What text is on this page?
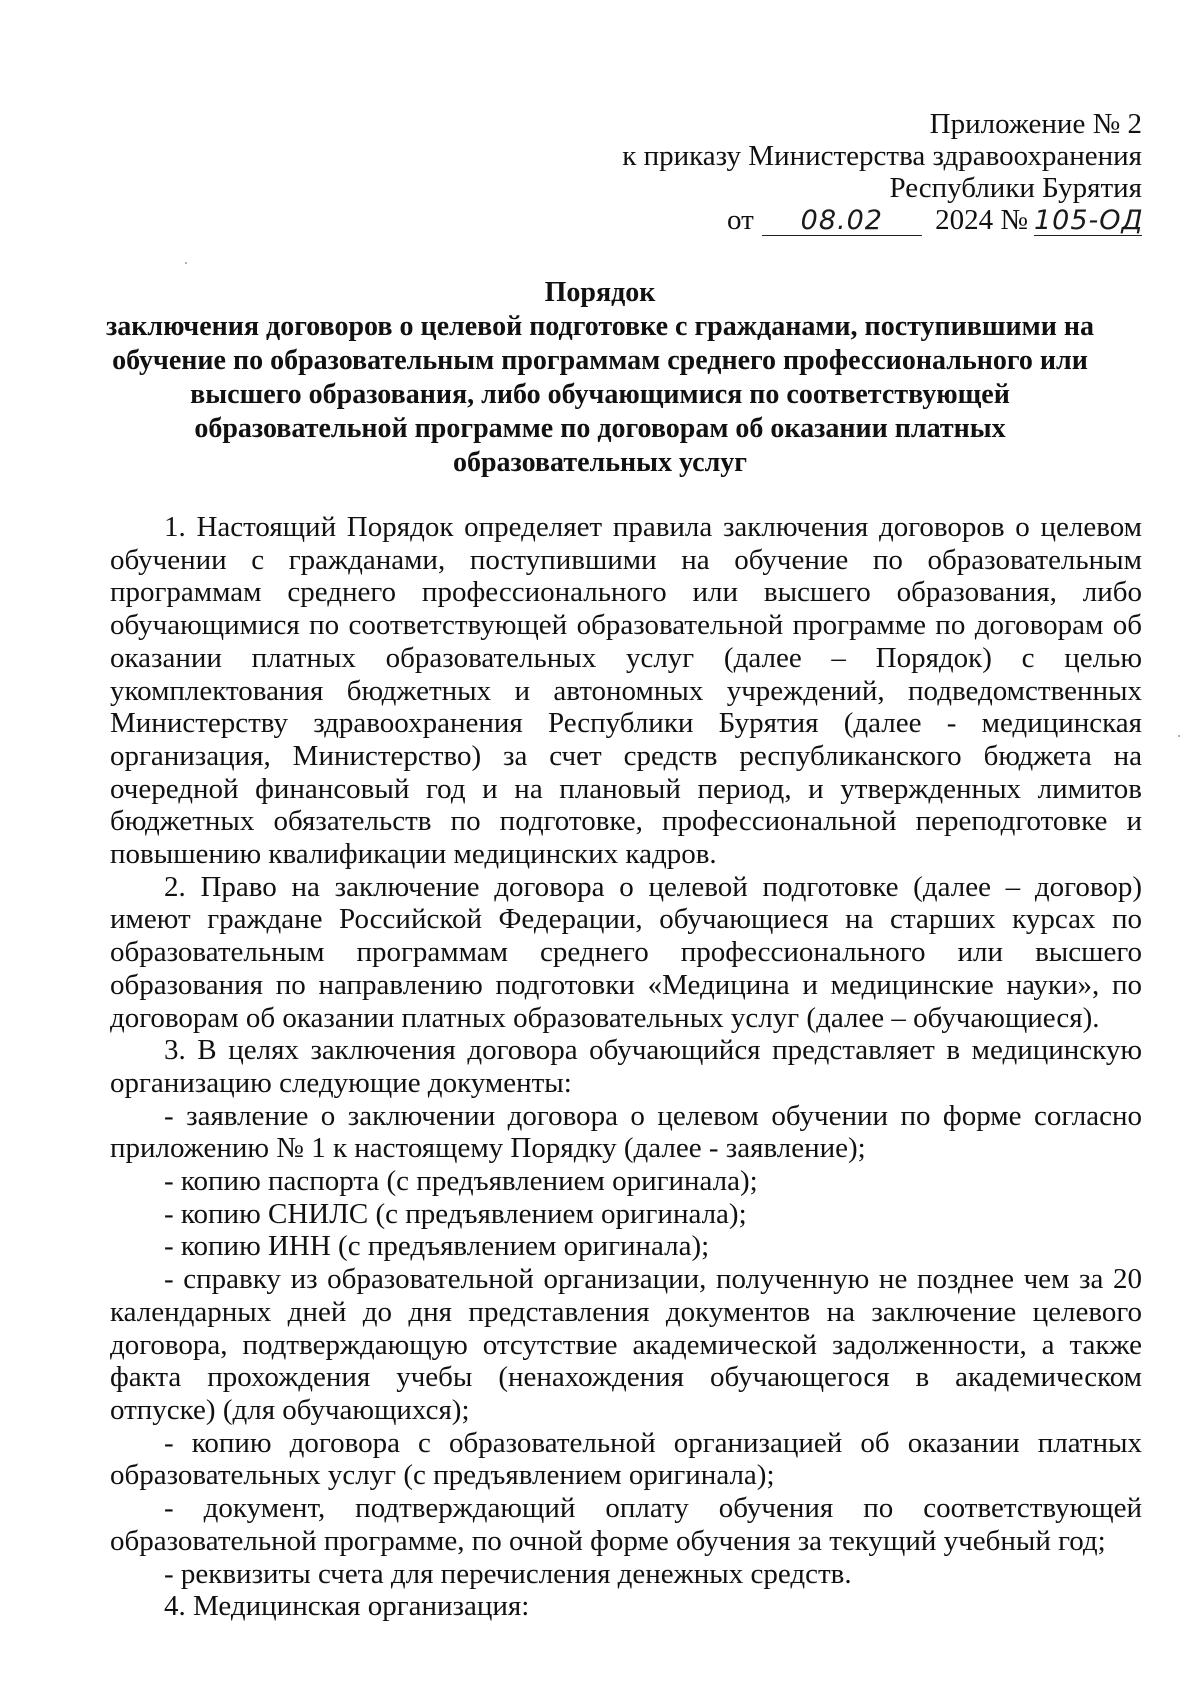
Приложение № 2
к приказу Министерства здравоохранения
Республики Бурятия
от 08.02 2024 № 105-ОД
Порядок
заключения договоров о целевой подготовке с гражданами, поступившими на
обучение по образовательным программам среднего профессионального или
высшего образования, либо обучающимися по соответствующей
образовательной программе по договорам об оказании платных
образовательных услуг

1. Настоящий Порядок определяет правила заключения договоров о целевом обучении с гражданами, поступившими на обучение по образовательным программам среднего профессионального или высшего образования, либо обучающимися по соответствующей образовательной программе по договорам об оказании платных образовательных услуг (далее – Порядок) с целью укомплектования бюджетных и автономных учреждений, подведомственных Министерству здравоохранения Республики Бурятия (далее - медицинская организация, Министерство) за счет средств республиканского бюджета на очередной финансовый год и на плановый период, и утвержденных лимитов бюджетных обязательств по подготовке, профессиональной переподготовке и повышению квалификации медицинских кадров.

2. Право на заключение договора о целевой подготовке (далее – договор) имеют граждане Российской Федерации, обучающиеся на старших курсах по образовательным программам среднего профессионального или высшего образования по направлению подготовки «Медицина и медицинские науки», по договорам об оказании платных образовательных услуг (далее – обучающиеся).

3. В целях заключения договора обучающийся представляет в медицинскую организацию следующие документы:

- заявление о заключении договора о целевом обучении по форме согласно приложению № 1 к настоящему Порядку (далее - заявление);

- копию паспорта (с предъявлением оригинала);

- копию СНИЛС (с предъявлением оригинала);

- копию ИНН (с предъявлением оригинала);

- справку из образовательной организации, полученную не позднее чем за 20 календарных дней до дня представления документов на заключение целевого договора, подтверждающую отсутствие академической задолженности, а также факта прохождения учебы (ненахождения обучающегося в академическом отпуске) (для обучающихся);

- копию договора с образовательной организацией об оказании платных образовательных услуг (с предъявлением оригинала);

- документ, подтверждающий оплату обучения по соответствующей образовательной программе, по очной форме обучения за текущий учебный год;

- реквизиты счета для перечисления денежных средств.

4. Медицинская организация:
